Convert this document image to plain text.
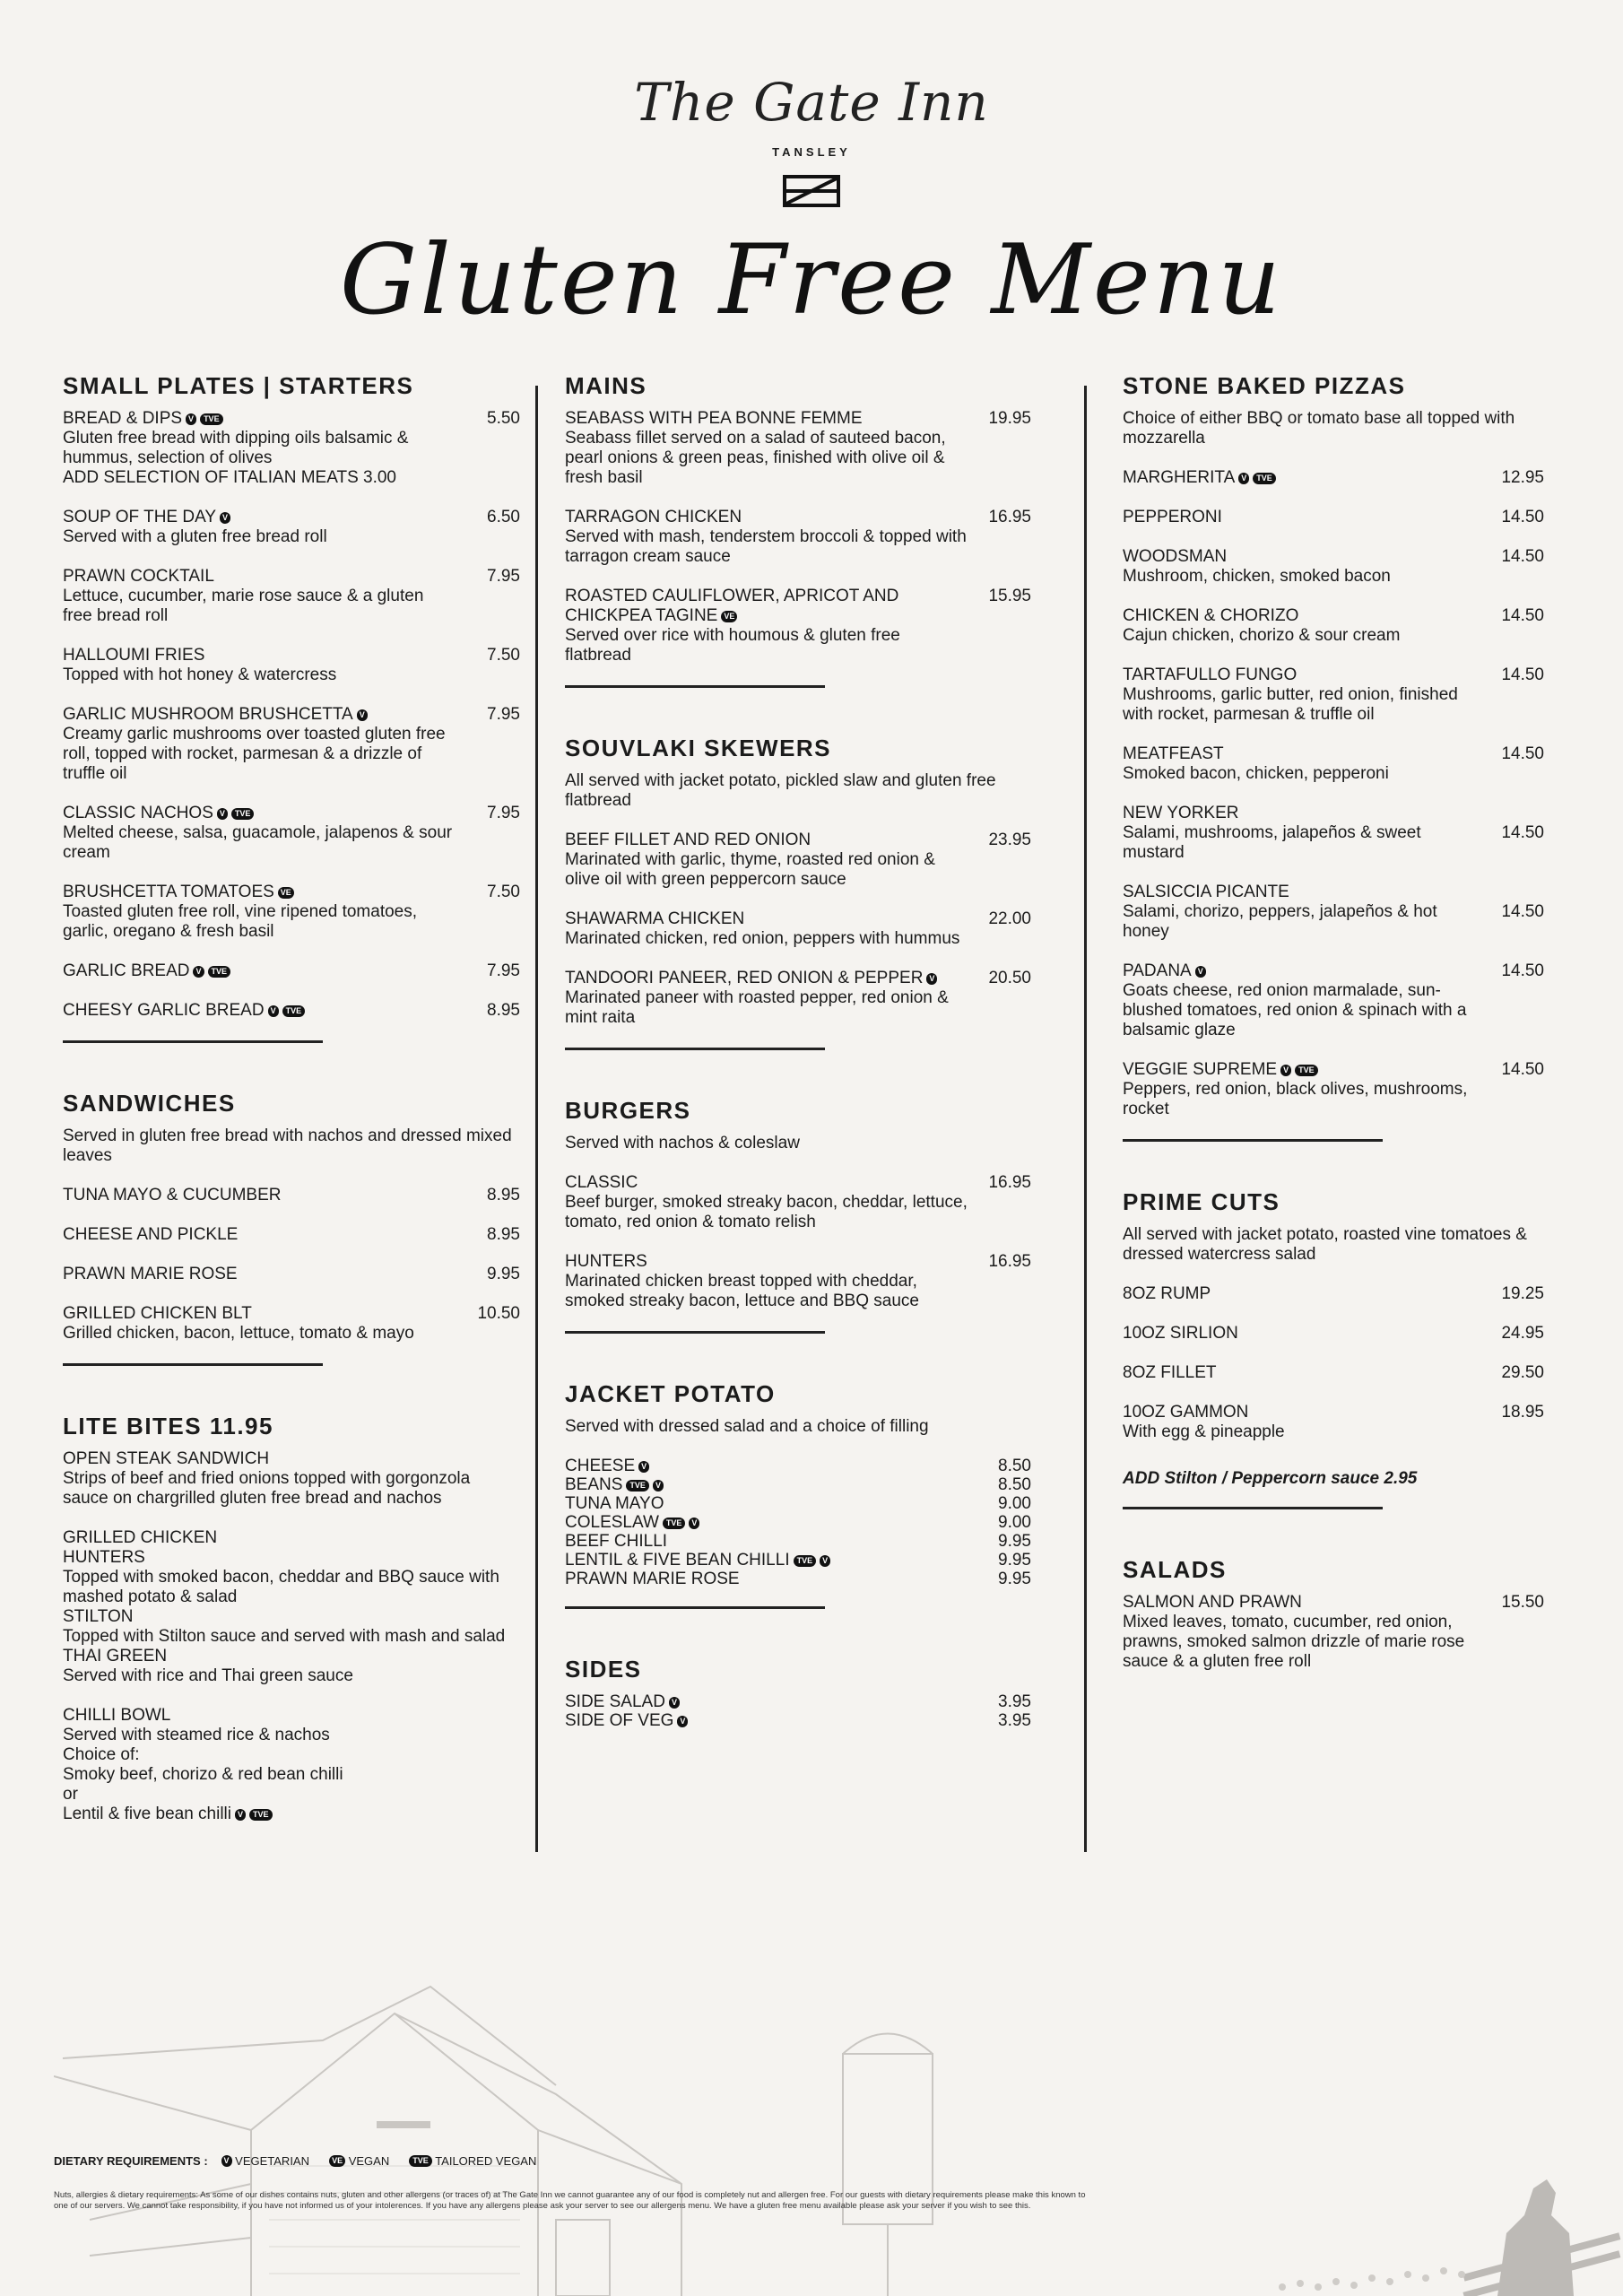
The Gate Inn
TANSLEY
Gluten Free Menu
SMALL PLATES | STARTERS
BREAD & DIPS V TVE
Gluten free bread with dipping oils balsamic & hummus, selection of olives
ADD SELECTION OF ITALIAN MEATS 3.00
5.50
SOUP OF THE DAY V
Served with a gluten free bread roll
6.50
PRAWN COCKTAIL
Lettuce, cucumber, marie rose sauce & a gluten free bread roll
7.95
HALLOUMI FRIES
Topped with hot honey & watercress
7.50
GARLIC MUSHROOM BRUSHCETTA V
Creamy garlic mushrooms over toasted gluten free roll, topped with rocket, parmesan & a drizzle of truffle oil
7.95
CLASSIC NACHOS V TVE
Melted cheese, salsa, guacamole, jalapenos & sour cream
7.95
BRUSHCETTA TOMATOES VE
Toasted gluten free roll, vine ripened tomatoes, garlic, oregano & fresh basil
7.50
GARLIC BREAD V TVE	7.95
CHEESY GARLIC BREAD V TVE	8.95
SANDWICHES
Served in gluten free bread with nachos and dressed mixed leaves
TUNA MAYO & CUCUMBER	8.95
CHEESE AND PICKLE	8.95
PRAWN MARIE ROSE	9.95
GRILLED CHICKEN BLT
Grilled chicken, bacon, lettuce, tomato & mayo
10.50
LITE BITES 11.95
OPEN STEAK SANDWICH
Strips of beef and fried onions topped with gorgonzola sauce on chargrilled gluten free bread and nachos
GRILLED CHICKEN
HUNTERS
Topped with smoked bacon, cheddar and BBQ sauce with mashed potato & salad
STILTON
Topped with Stilton sauce and served with mash and salad
THAI GREEN
Served with rice and Thai green sauce
CHILLI BOWL
Served with steamed rice & nachos
Choice of:
Smoky beef, chorizo & red bean chilli
or
Lentil & five bean chilli V TVE
MAINS
SEABASS WITH PEA BONNE FEMME
Seabass fillet served on a salad of sauteed bacon, pearl onions & green peas, finished with olive oil & fresh basil
19.95
TARRAGON CHICKEN
Served with mash, tenderstem broccoli & topped with tarragon cream sauce
16.95
ROASTED CAULIFLOWER, APRICOT AND CHICKPEA TAGINE VE
Served over rice with houmous & gluten free flatbread
15.95
SOUVLAKI SKEWERS
All served with jacket potato, pickled slaw and gluten free flatbread
BEEF FILLET AND RED ONION
Marinated with garlic, thyme, roasted red onion & olive oil with green peppercorn sauce
23.95
SHAWARMA CHICKEN
Marinated chicken, red onion, peppers with hummus
22.00
TANDOORI PANEER, RED ONION & PEPPER V
Marinated paneer with roasted pepper, red onion & mint raita
20.50
BURGERS
Served with nachos & coleslaw
CLASSIC
Beef burger, smoked streaky bacon, cheddar, lettuce, tomato, red onion & tomato relish
16.95
HUNTERS
Marinated chicken breast topped with cheddar, smoked streaky bacon, lettuce and BBQ sauce
16.95
JACKET POTATO
Served with dressed salad and a choice of filling
CHEESE V	8.50
BEANS TVE V	8.50
TUNA MAYO	9.00
COLESLAW TVE V	9.00
BEEF CHILLI	9.95
LENTIL & FIVE BEAN CHILLI TVE V	9.95
PRAWN MARIE ROSE	9.95
SIDES
SIDE SALAD V	3.95
SIDE OF VEG V	3.95
STONE BAKED PIZZAS
Choice of either BBQ or tomato base all topped with mozzarella
MARGHERITA V TVE	12.95
PEPPERONI	14.50
WOODSMAN
Mushroom, chicken, smoked bacon
14.50
CHICKEN & CHORIZO
Cajun chicken, chorizo & sour cream
14.50
TARTAFULLO FUNGO
Mushrooms, garlic butter, red onion, finished with rocket, parmesan & truffle oil
14.50
MEATFEAST
Smoked bacon, chicken, pepperoni
14.50
NEW YORKER
Salami, mushrooms, jalapeños & sweet mustard
14.50
SALSICCIA PICANTE
Salami, chorizo, peppers, jalapeños & hot honey
14.50
PADANA V
Goats cheese, red onion marmalade, sun-blushed tomatoes, red onion & spinach with a balsamic glaze
14.50
VEGGIE SUPREME V TVE
Peppers, red onion, black olives, mushrooms, rocket
14.50
PRIME CUTS
All served with jacket potato, roasted vine tomatoes & dressed watercress salad
8OZ RUMP	19.25
10OZ SIRLION	24.95
8OZ FILLET	29.50
10OZ GAMMON
With egg & pineapple
18.95
ADD Stilton / Peppercorn sauce 2.95
SALADS
SALMON AND PRAWN
Mixed leaves, tomato, cucumber, red onion, prawns, smoked salmon drizzle of marie rose sauce & a gluten free roll
15.50
DIETARY REQUIREMENTS : V VEGETARIAN	VE VEGAN	TVE TAILORED VEGAN
Nuts, allergies & dietary requirements: As some of our dishes contains nuts, gluten and other allergens (or traces of) at The Gate Inn we cannot guarantee any of our food is completely nut and allergen free. For our guests with dietary requirements please make this known to one of our servers. We cannot take responsibility, if you have not informed us of your intolerences. If you have any allergens please ask your server to see our allergens menu. We have a gluten free menu available please ask your server if you wish to see this.
